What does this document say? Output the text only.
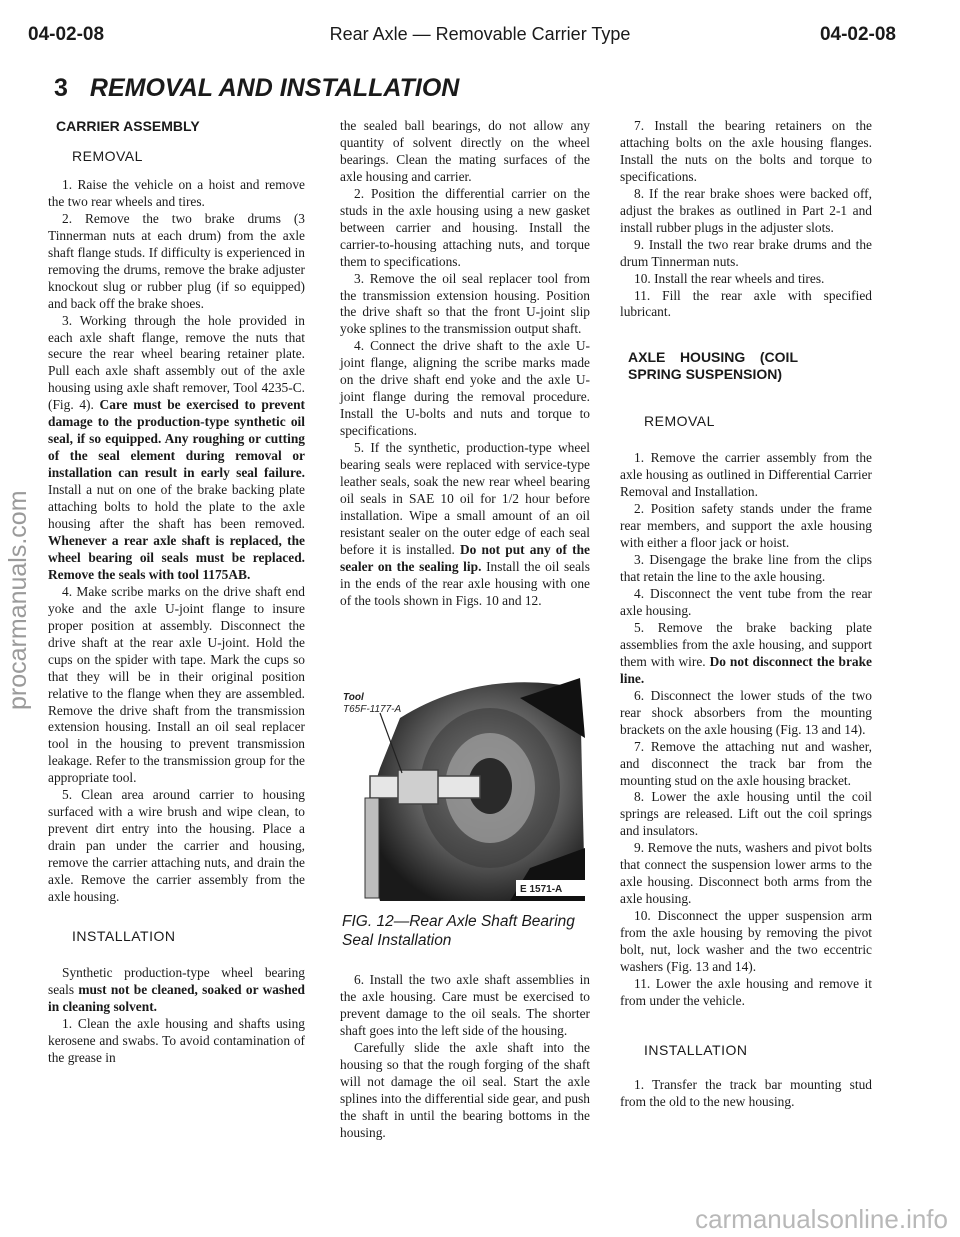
04-02-08	Rear Axle — Removable Carrier Type	04-02-08
3 REMOVAL AND INSTALLATION

CARRIER ASSEMBLY

REMOVAL

1. Raise the vehicle on a hoist and remove the two rear wheels and tires.

2. Remove the two brake drums (3 Tinnerman nuts at each drum) from the axle shaft flange studs. If difficulty is experienced in removing the drums, remove the brake adjuster knockout slug or rubber plug (if so equipped) and back off the brake shoes.

3. Working through the hole provided in each axle shaft flange, remove the nuts that secure the rear wheel bearing retainer plate. Pull each axle shaft assembly out of the axle housing using axle shaft remover, Tool 4235-C. (Fig. 4). Care must be exercised to prevent damage to the production-type synthetic oil seal, if so equipped. Any roughing or cutting of the seal element during removal or installation can result in early seal failure. Install a nut on one of the brake backing plate attaching bolts to hold the plate to the axle housing after the shaft has been removed. Whenever a rear axle shaft is replaced, the wheel bearing oil seals must be replaced. Remove the seals with tool 1175AB.

4. Make scribe marks on the drive shaft end yoke and the axle U-joint flange to insure proper position at assembly. Disconnect the drive shaft at the rear axle U-joint. Hold the cups on the spider with tape. Mark the cups so that they will be in their original position relative to the flange when they are assembled. Remove the drive shaft from the transmission extension housing. Install an oil seal replacer tool in the housing to prevent transmission leakage. Refer to the transmission group for the appropriate tool.

5. Clean area around carrier to housing surfaced with a wire brush and wipe clean, to prevent dirt entry into the housing. Place a drain pan under the carrier and housing, remove the carrier attaching nuts, and drain the axle. Remove the carrier assembly from the axle housing.

INSTALLATION

Synthetic production-type wheel bearing seals must not be cleaned, soaked or washed in cleaning solvent.

1. Clean the axle housing and shafts using kerosene and swabs. To avoid contamination of the grease in

the sealed ball bearings, do not allow any quantity of solvent directly on the wheel bearings. Clean the mating surfaces of the axle housing and carrier.

2. Position the differential carrier on the studs in the axle housing using a new gasket between carrier and housing. Install the carrier-to-housing attaching nuts, and torque them to specifications.

3. Remove the oil seal replacer tool from the transmission extension housing. Position the drive shaft so that the front U-joint slip yoke splines to the transmission output shaft.

4. Connect the drive shaft to the axle U-joint flange, aligning the scribe marks made on the drive shaft end yoke and the axle U-joint flange during the removal procedure. Install the U-bolts and nuts and torque to specifications.

5. If the synthetic, production-type wheel bearing seals were replaced with service-type leather seals, soak the new rear wheel bearing oil seals in SAE 10 oil for 1/2 hour before installation. Wipe a small amount of an oil resistant sealer on the outer edge of each seal before it is installed. Do not put any of the sealer on the sealing lip. Install the oil seals in the ends of the rear axle housing with one of the tools shown in Figs. 10 and 12.

Tool
T65F-1177-A
E 1571-A
FIG. 12—Rear Axle Shaft Bearing Seal Installation

6. Install the two axle shaft assemblies in the axle housing. Care must be exercised to prevent damage to the oil seals. The shorter shaft goes into the left side of the housing.

Carefully slide the axle shaft into the housing so that the rough forging of the shaft will not damage the oil seal. Start the axle splines into the differential side gear, and push the shaft in until the bearing bottoms in the housing.

7. Install the bearing retainers on the attaching bolts on the axle housing flanges. Install the nuts on the bolts and torque to specifications.

8. If the rear brake shoes were backed off, adjust the brakes as outlined in Part 2-1 and install rubber plugs in the adjuster slots.

9. Install the two rear brake drums and the drum Tinnerman nuts.

10. Install the rear wheels and tires.

11. Fill the rear axle with specified lubricant.

AXLE HOUSING (COIL SPRING SUSPENSION)

REMOVAL

1. Remove the carrier assembly from the axle housing as outlined in Differential Carrier Removal and Installation.

2. Position safety stands under the frame rear members, and support the axle housing with either a floor jack or hoist.

3. Disengage the brake line from the clips that retain the line to the axle housing.

4. Disconnect the vent tube from the rear axle housing.

5. Remove the brake backing plate assemblies from the axle housing, and support them with wire. Do not disconnect the brake line.

6. Disconnect the lower studs of the two rear shock absorbers from the mounting brackets on the axle housing (Fig. 13 and 14).

7. Remove the attaching nut and washer, and disconnect the track bar from the mounting stud on the axle housing bracket.

8. Lower the axle housing until the coil springs are released. Lift out the coil springs and insulators.

9. Remove the nuts, washers and pivot bolts that connect the suspension lower arms to the axle housing. Disconnect both arms from the axle housing.

10. Disconnect the upper suspension arm from the axle housing by removing the pivot bolt, nut, lock washer and the two eccentric washers (Fig. 13 and 14).

11. Lower the axle housing and remove it from under the vehicle.

INSTALLATION

1. Transfer the track bar mounting stud from the old to the new housing.

procarmanuals.com
carmanualsonline.info
